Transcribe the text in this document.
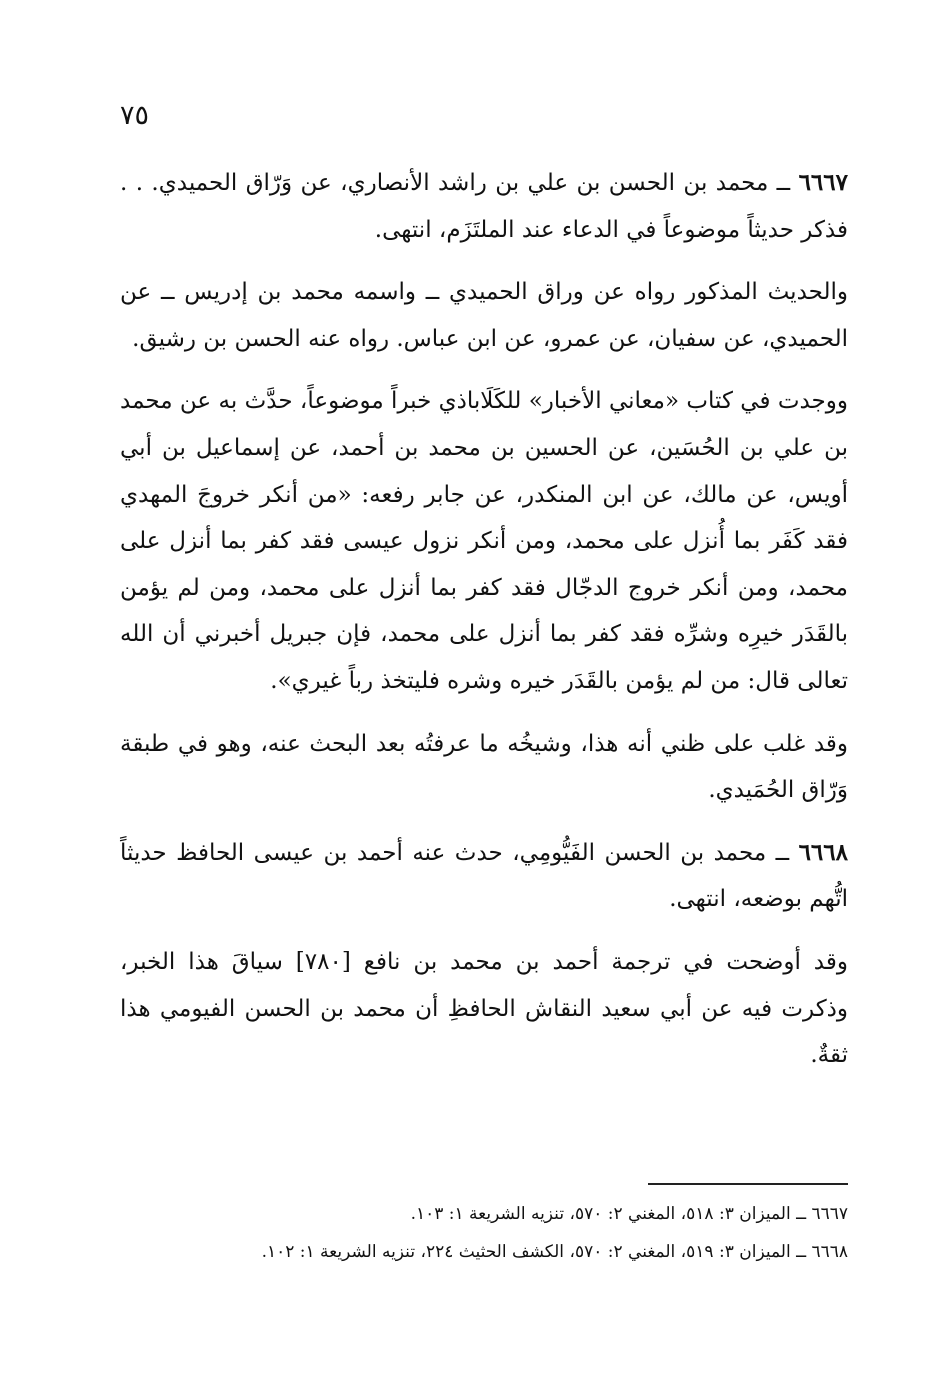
٧٥

٦٦٦٧ ــ محمد بن الحسن بن علي بن راشد الأنصاري، عن وَرّاق الحميدي. . . فذكر حديثاً موضوعاً في الدعاء عند الملتَزَم، انتهى.

والحديث المذكور رواه عن وراق الحميدي ــ واسمه محمد بن إدريس ــ عن الحميدي، عن سفيان، عن عمرو، عن ابن عباس. رواه عنه الحسن بن رشيق.

ووجدت في كتاب «معاني الأخبار» للكَلَاباذي خبراً موضوعاً، حدَّث به عن محمد بن علي بن الحُسَين، عن الحسين بن محمد بن أحمد، عن إسماعيل بن أبي أويس، عن مالك، عن ابن المنكدر، عن جابر رفعه: «من أنكر خروجَ المهدي فقد كَفَر بما أُنزل على محمد، ومن أنكر نزول عيسى فقد كفر بما أنزل على محمد، ومن أنكر خروج الدجّال فقد كفر بما أنزل على محمد، ومن لم يؤمن بالقَدَر خيرِه وشرِّه فقد كفر بما أنزل على محمد، فإن جبريل أخبرني أن الله تعالى قال: من لم يؤمن بالقَدَر خيره وشره فليتخذ رباً غيري».

وقد غلب على ظني أنه هذا، وشيخُه ما عرفتُه بعد البحث عنه، وهو في طبقة وَرّاق الحُمَيدي.

٦٦٦٨ ــ محمد بن الحسن الفَيُّومِي، حدث عنه أحمد بن عيسى الحافظ حديثاً اتُّهم بوضعه، انتهى.

وقد أوضحت في ترجمة أحمد بن محمد بن نافع [٧٨٠] سياقَ هذا الخبر، وذكرت فيه عن أبي سعيد النقاش الحافظِ أن محمد بن الحسن الفيومي هذا ثقةٌ.

٦٦٦٧ ــ الميزان ٣: ٥١٨، المغني ٢: ٥٧٠، تنزيه الشريعة ١: ١٠٣.

٦٦٦٨ ــ الميزان ٣: ٥١٩، المغني ٢: ٥٧٠، الكشف الحثيث ٢٢٤، تنزيه الشريعة ١: ١٠٢.
